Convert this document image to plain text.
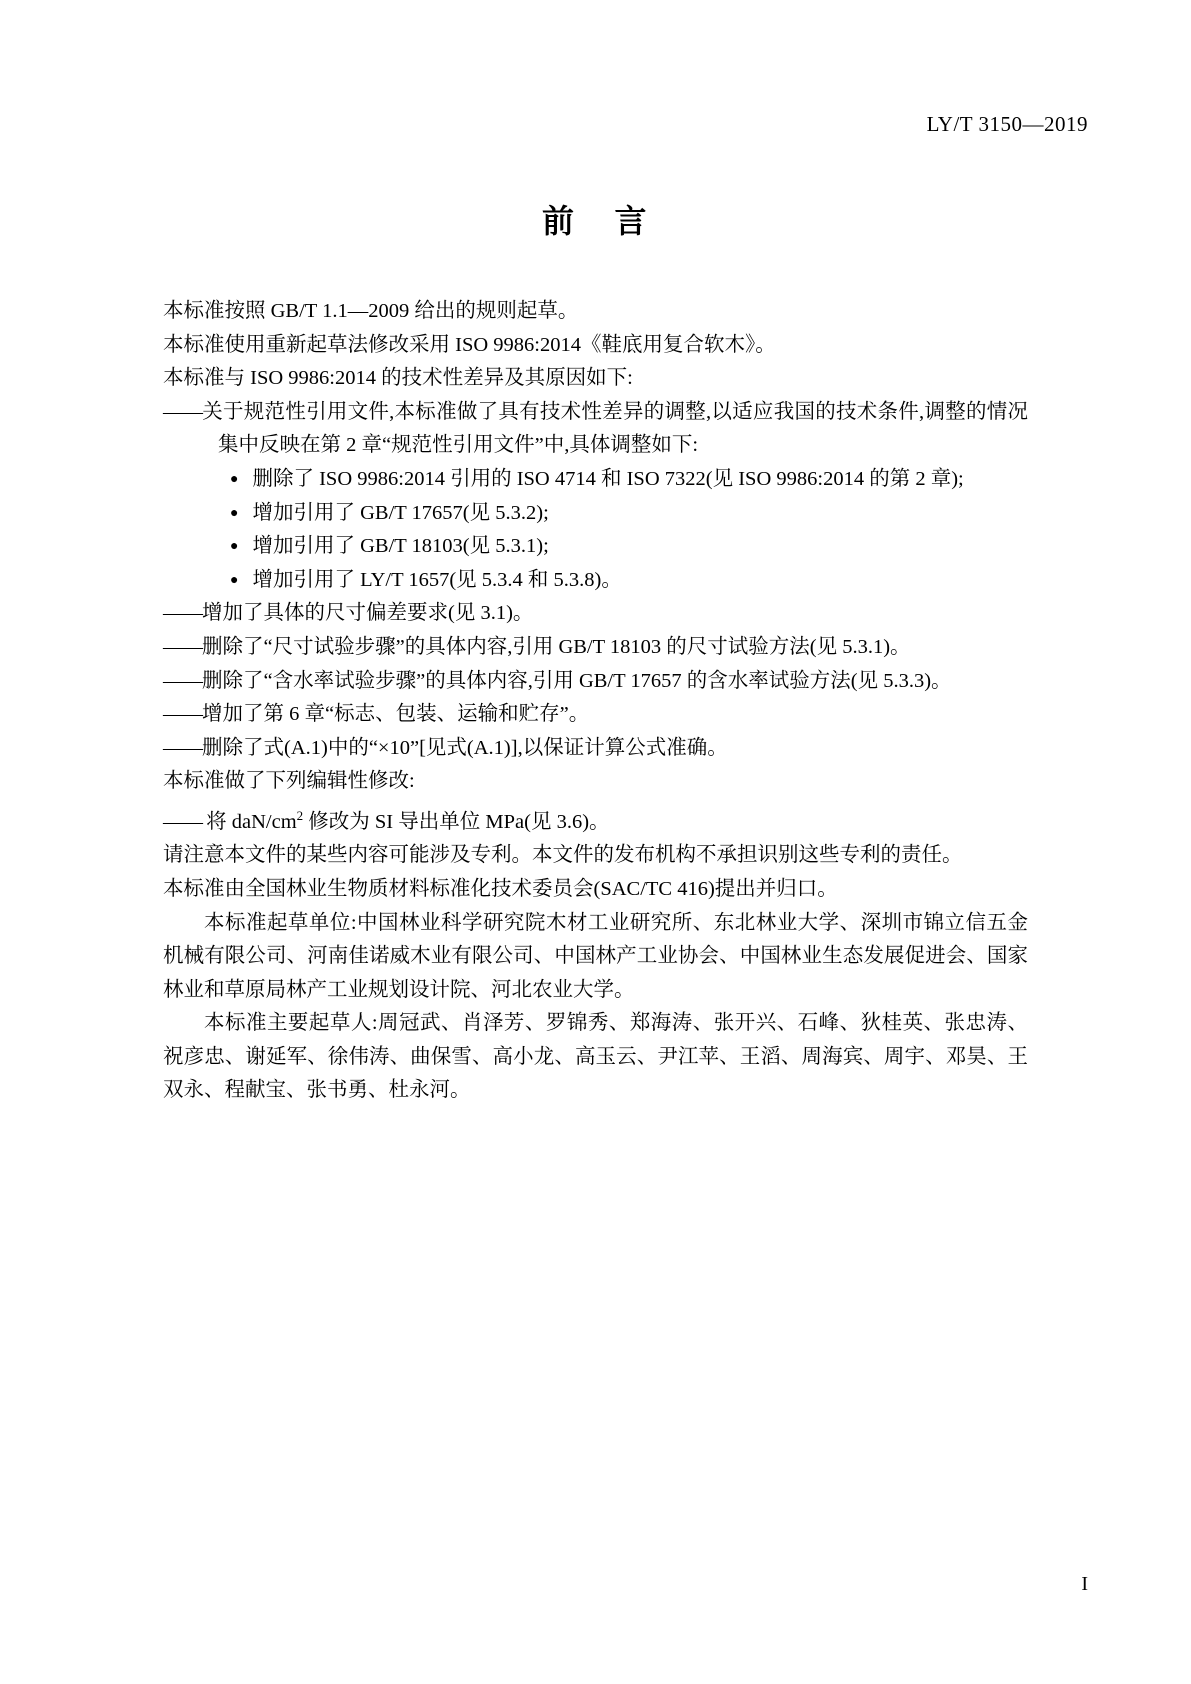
LY/T 3150—2019
前 言

本标准按照 GB/T 1.1—2009 给出的规则起草。

本标准使用重新起草法修改采用 ISO 9986:2014《鞋底用复合软木》。

本标准与 ISO 9986:2014 的技术性差异及其原因如下:

——关于规范性引用文件,本标准做了具有技术性差异的调整,以适应我国的技术条件,调整的情况集中反映在第 2 章“规范性引用文件”中,具体调整如下:

● 删除了 ISO 9986:2014 引用的 ISO 4714 和 ISO 7322(见 ISO 9986:2014 的第 2 章);

● 增加引用了 GB/T 17657(见 5.3.2);

● 增加引用了 GB/T 18103(见 5.3.1);

● 增加引用了 LY/T 1657(见 5.3.4 和 5.3.8)。

——增加了具体的尺寸偏差要求(见 3.1)。

——删除了“尺寸试验步骤”的具体内容,引用 GB/T 18103 的尺寸试验方法(见 5.3.1)。

——删除了“含水率试验步骤”的具体内容,引用 GB/T 17657 的含水率试验方法(见 5.3.3)。

——增加了第 6 章“标志、包装、运输和贮存”。

——删除了式(A.1)中的“×10”[见式(A.1)],以保证计算公式准确。

本标准做了下列编辑性修改:

—— 将 daN/$cm^2$ 修改为 SI 导出单位 MPa(见 3.6)。

请注意本文件的某些内容可能涉及专利。本文件的发布机构不承担识别这些专利的责任。

本标准由全国林业生物质材料标准化技术委员会(SAC/TC 416)提出并归口。

本标准起草单位:中国林业科学研究院木材工业研究所、东北林业大学、深圳市锦立信五金机械有限公司、河南佳诺威木业有限公司、中国林产工业协会、中国林业生态发展促进会、国家林业和草原局林产工业规划设计院、河北农业大学。

本标准主要起草人:周冠武、肖泽芳、罗锦秀、郑海涛、张开兴、石峰、狄桂英、张忠涛、祝彦忠、谢延军、徐伟涛、曲保雪、高小龙、高玉云、尹江苹、王滔、周海宾、周宇、邓昊、王双永、程献宝、张书勇、杜永河。

I
